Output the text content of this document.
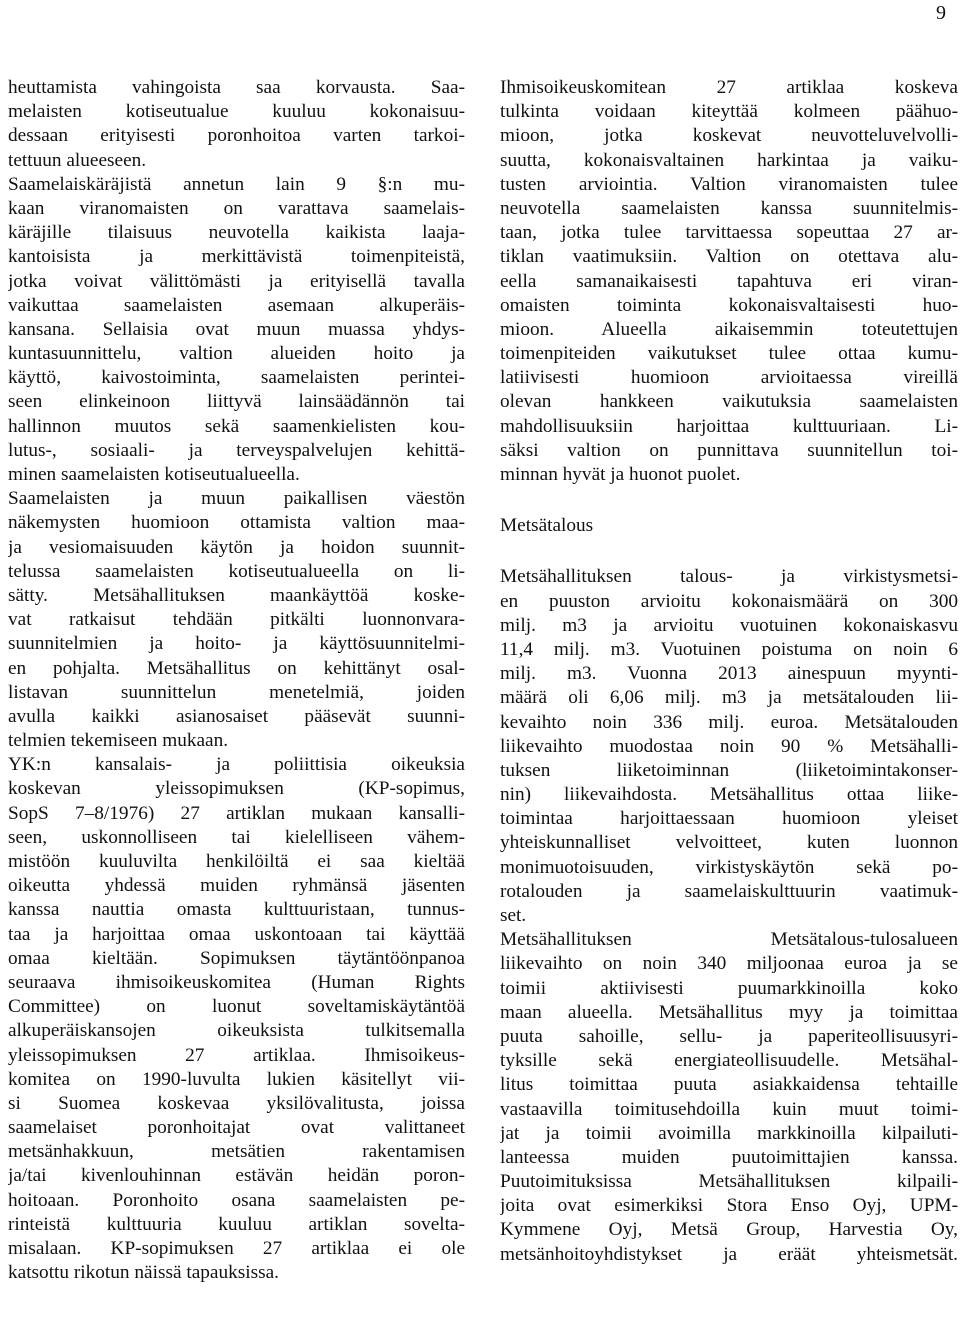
9
heuttamista vahingoista saa korvausta. Saa-
melaisten kotiseutualue kuuluu kokonaisuu-
dessaan erityisesti poronhoitoa varten tarkoi-
tettuun alueeseen.
Saamelaiskäräjistä annetun lain 9 §:n mu-
kaan viranomaisten on varattava saamelais-
käräjille tilaisuus neuvotella kaikista laaja-
kantoisista ja merkittävistä toimenpiteistä,
jotka voivat välittömästi ja erityisellä tavalla
vaikuttaa saamelaisten asemaan alkuperäis-
kansana. Sellaisia ovat muun muassa yhdys-
kuntasuunnittelu, valtion alueiden hoito ja
käyttö, kaivostoiminta, saamelaisten perintei-
seen elinkeinoon liittyvä lainsäädännön tai
hallinnon muutos sekä saamenkielisten kou-
lutus-, sosiaali- ja terveyspalvelujen kehittä-
minen saamelaisten kotiseutualueella.
Saamelaisten ja muun paikallisen väestön
näkemysten huomioon ottamista valtion maa-
ja vesiomaisuuden käytön ja hoidon suunnit-
telussa saamelaisten kotiseutualueella on li-
sätty. Metsähallituksen maankäyttöä koske-
vat ratkaisut tehdään pitkälti luonnonvara-
suunnitelmien ja hoito- ja käyttösuunnitelmi-
en pohjalta. Metsähallitus on kehittänyt osal-
listavan suunnittelun menetelmiä, joiden
avulla kaikki asianosaiset pääsevät suunni-
telmien tekemiseen mukaan.
YK:n kansalais- ja poliittisia oikeuksia
koskevan yleissopimuksen (KP-sopimus,
SopS 7–8/1976) 27 artiklan mukaan kansalli-
seen, uskonnolliseen tai kielelliseen vähem-
mistöön kuuluvilta henkilöiltä ei saa kieltää
oikeutta yhdessä muiden ryhmänsä jäsenten
kanssa nauttia omasta kulttuuristaan, tunnus-
taa ja harjoittaa omaa uskontoaan tai käyttää
omaa kieltään. Sopimuksen täytäntöönpanoa
seuraava ihmisoikeuskomitea (Human Rights
Committee) on luonut soveltamiskäytäntöä
alkuperäiskansojen oikeuksista tulkitsemalla
yleissopimuksen 27 artiklaa. Ihmisoikeus-
komitea on 1990-luvulta lukien käsitellyt vii-
si Suomea koskevaa yksilövalitusta, joissa
saamelaiset poronhoitajat ovat valittaneet
metsänhakkuun, metsätien rakentamisen
ja/tai kivenlouhinnan estävän heidän poron-
hoitoaan. Poronhoito osana saamelaisten pe-
rinteistä kulttuuria kuuluu artiklan sovelta-
misalaan. KP-sopimuksen 27 artiklaa ei ole
katsottu rikotun näissä tapauksissa.
Ihmisoikeuskomitean 27 artiklaa koskeva
tulkinta voidaan kiteyttää kolmeen päähuo-
mioon, jotka koskevat neuvotteluvelvolli-
suutta, kokonaisvaltainen harkintaa ja vaiku-
tusten arviointia. Valtion viranomaisten tulee
neuvotella saamelaisten kanssa suunnitelmis-
taan, jotka tulee tarvittaessa sopeuttaa 27 ar-
tiklan vaatimuksiin. Valtion on otettava alu-
eella samanaikaisesti tapahtuva eri viran-
omaisten toiminta kokonaisvaltaisesti huo-
mioon. Alueella aikaisemmin toteutettujen
toimenpiteiden vaikutukset tulee ottaa kumu-
latiivisesti huomioon arvioitaessa vireillä
olevan hankkeen vaikutuksia saamelaisten
mahdollisuuksiin harjoittaa kulttuuriaan. Li-
säksi valtion on punnittava suunnitellun toi-
minnan hyvät ja huonot puolet.
Metsätalous
Metsähallituksen talous- ja virkistysmetsi-
en puuston arvioitu kokonaismäärä on 300
milj. m3 ja arvioitu vuotuinen kokonaiskasvu
11,4 milj. m3. Vuotuinen poistuma on noin 6
milj. m3. Vuonna 2013 ainespuun myynti-
määrä oli 6,06 milj. m3 ja metsätalouden lii-
kevaihto noin 336 milj. euroa. Metsätalouden
liikevaihto muodostaa noin 90 % Metsähalli-
tuksen liiketoiminnan (liiketoimintakonser-
nin) liikevaihdosta. Metsähallitus ottaa liike-
toimintaa harjoittaessaan huomioon yleiset
yhteiskunnalliset velvoitteet, kuten luonnon
monimuotoisuuden, virkistyskäytön sekä po-
rotalouden ja saamelaiskulttuurin vaatimuk-
set.
Metsähallituksen Metsätalous-tulosalueen
liikevaihto on noin 340 miljoonaa euroa ja se
toimii aktiivisesti puumarkkinoilla koko
maan alueella. Metsähallitus myy ja toimittaa
puuta sahoille, sellu- ja paperiteollisuusyri-
tyksille sekä energiateollisuudelle. Metsähal-
litus toimittaa puuta asiakkaidensa tehtaille
vastaavilla toimitusehdoilla kuin muut toimi-
jat ja toimii avoimilla markkinoilla kilpailuti-
lanteessa muiden puutoimittajien kanssa.
Puutoimituksissa Metsähallituksen kilpaili-
joita ovat esimerkiksi Stora Enso Oyj, UPM-
Kymmene Oyj, Metsä Group, Harvestia Oy,
metsänhoitoyhdistykset ja eräät yhteismetsät.
